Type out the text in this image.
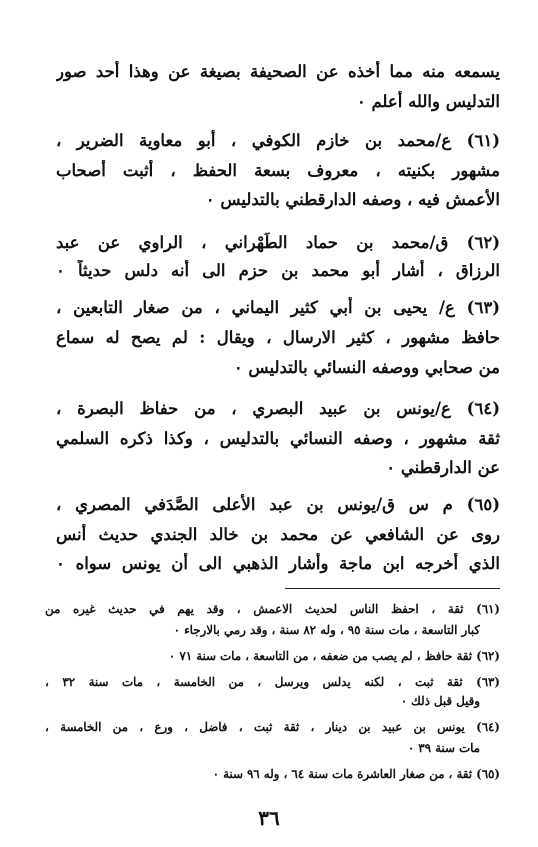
يسمعه منه مما أخذه عن الصحيفة بصيغة عن وهذا أحد صور
التدليس والله أعلم ٠
(٦١) ع/محمد بن خازم الكوفي ، أبو معاوية الضرير ،
مشهور بكنيته ، معروف بسعة الحفظ ، أثبت أصحاب
الأعمش فيه ، وصفه الدارقطني بالتدليس ٠
(٦٢) ق/محمد بن حماد الطِّهْراني ، الراوي عن عبد
الرزاق ، أشار أبو محمد بن حزم الى أنه دلس حديثاً ٠
(٦٣) ع/ يحيى بن أبي كثير اليماني ، من صغار التابعين ،
حافظ مشهور ، كثير الارسال ، ويقال : لم يصح له سماع
من صحابي ووصفه النسائي بالتدليس ٠
(٦٤) ع/يونس بن عبيد البصري ، من حفاظ البصرة ،
ثقة مشهور ، وصفه النسائي بالتدليس ، وكذا ذكره السلمي
عن الدارقطني ٠
(٦٥) م س ق/يونس بن عبد الأعلى الصَّدَفي المصري ،
روى عن الشافعي عن محمد بن خالد الجندي حديث أنس
الذي أخرجه ابن ماجة وأشار الذهبي الى أن يونس سواه ٠
(٦١) ثقة ، احفظ الناس لحديث الاعمش ، وقد يهم في حديث غيره من
كبار التاسعة ، مات سنة ٩٥ ، وله ٨٢ سنة ، وقد رمي بالارجاء ٠
(٦٢) ثقة حافظ ، لم يصب من ضعفه ، من التاسعة ، مات سنة ٧١ ٠
(٦٣) ثقة ثبت ، لكنه يدلس ويرسل ، من الخامسة ، مات سنة ٣٢ ،
وقيل قبل ذلك ٠
(٦٤) يونس بن عبيد بن دينار ، ثقة ثبت ، فاضل ، ورع ، من الخامسة ،
مات سنة ٣٩ ٠
(٦٥) ثقة ، من صغار العاشرة مات سنة ٦٤ ، وله ٩٦ سنة ٠
٣٦
